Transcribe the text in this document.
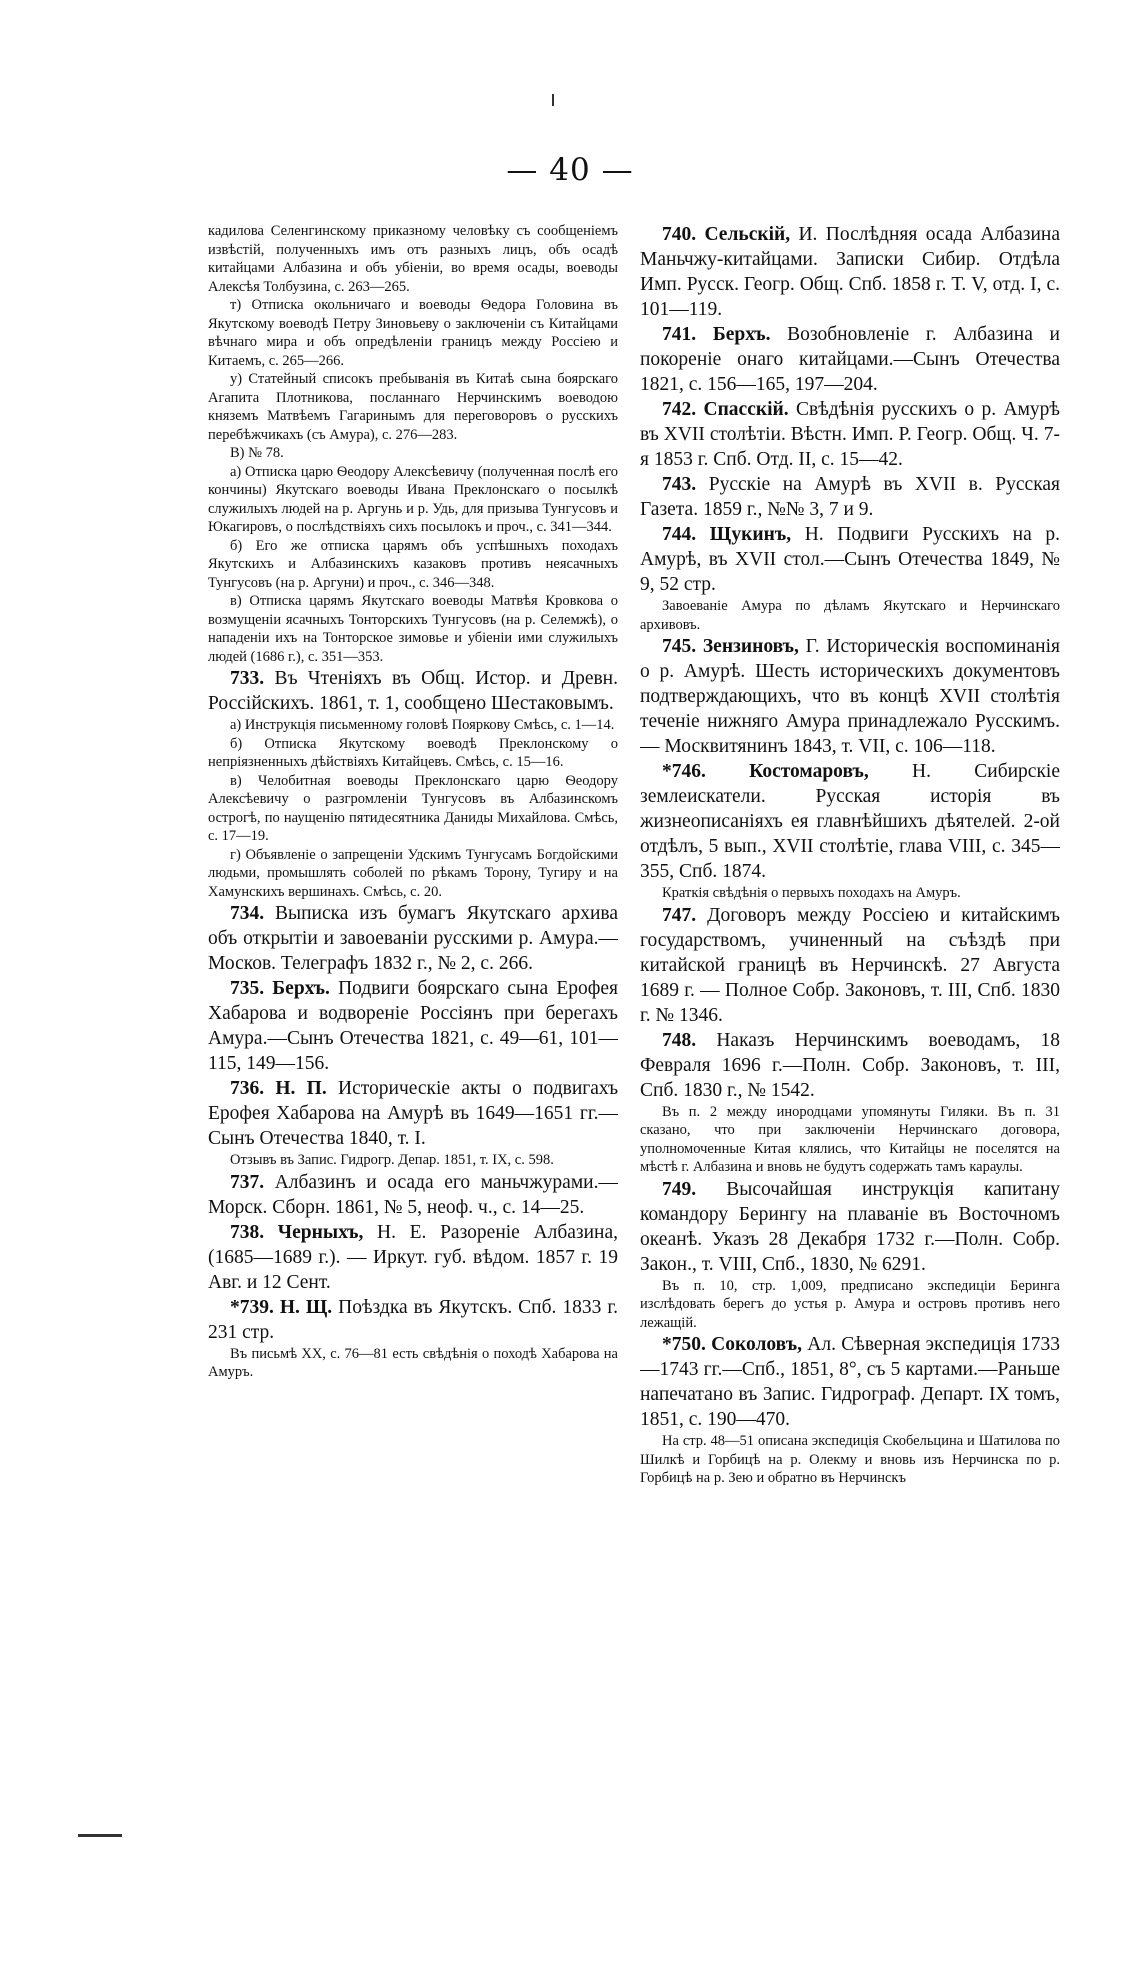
— 40 —

кадилова Селенгинскому приказному человѣку съ сообщеніемъ извѣстій, полученныхъ имъ отъ разныхъ лицъ, объ осадѣ китайцами Албазина и объ убіеніи, во время осады, воеводы Алексѣя Толбузина, с. 263—265.

т) Отписка окольничаго и воеводы Ѳедора Головина въ Якутскому воеводѣ Петру Зиновьеву о заключеніи съ Китайцами вѣчнаго мира и объ опредѣленіи границъ между Россіею и Китаемъ, с. 265—266.

у) Статейный списокъ пребыванія въ Китаѣ сына боярскаго Агапита Плотникова, посланнаго Нерчинскимъ воеводою княземъ Матвѣемъ Гагаринымъ для переговоровъ о русскихъ перебѣжчикахъ (съ Амура), с. 276—283.

В) № 78.

а) Отписка царю Ѳеодору Алексѣевичу (полученная послѣ его кончины) Якутскаго воеводы Ивана Преклонскаго о посылкѣ служилыхъ людей на р. Аргунь и р. Удь, для призыва Тунгусовъ и Юкагировъ, о послѣдствіяхъ сихъ посылокъ и проч., с. 341—344.

б) Его же отписка царямъ объ успѣшныхъ походахъ Якутскихъ и Албазинскихъ казаковъ противъ неясачныхъ Тунгусовъ (на р. Аргуни) и проч., с. 346—348.

в) Отписка царямъ Якутскаго воеводы Матвѣя Кровкова о возмущеніи ясачныхъ Тонторскихъ Тунгусовъ (на р. Селемжѣ), о нападеніи ихъ на Тонторское зимовье и убіеніи ими служилыхъ людей (1686 г.), с. 351—353.

733. Въ Чтеніяхъ въ Общ. Истор. и Древн. Россійскихъ. 1861, т. 1, сообщено Шестаковымъ.

а) Инструкція письменному головѣ Пояркову Смѣсь, с. 1—14.

б) Отписка Якутскому воеводѣ Преклонскому о непріязненныхъ дѣйствіяхъ Китайцевъ. Смѣсь, с. 15—16.

в) Челобитная воеводы Преклонскаго царю Ѳеодору Алексѣевичу о разгромленіи Тунгусовъ въ Албазинскомъ острогѣ, по наущенію пятидесятника Даниды Михайлова. Смѣсь, с. 17—19.

г) Объявленіе о запрещеніи Удскимъ Тунгусамъ Богдойскими людьми, промышлять соболей по рѣкамъ Торону, Тугиру и на Хамунскихъ вершинахъ. Смѣсь, с. 20.

734. Выписка изъ бумагъ Якутскаго архива объ открытіи и завоеваніи русскими р. Амура.— Москов. Телеграфъ 1832 г., № 2, с. 266.

735. Берхъ. Подвиги боярскаго сына Ерофея Хабарова и водвореніе Россіянъ при берегахъ Амура.—Сынъ Отечества 1821, с. 49—61, 101—115, 149—156.

736. Н. П. Историческіе акты о подвигахъ Ерофея Хабарова на Амурѣ въ 1649—1651 гг.—Сынъ Отечества 1840, т. I.

Отзывъ въ Запис. Гидрогр. Депар. 1851, т. IX, с. 598.

737. Албазинъ и осада его маньчжурами.—Морск. Сборн. 1861, № 5, неоф. ч., с. 14—25.

738. Черныхъ, Н. Е. Разореніе Албазина, (1685—1689 г.). — Иркут. губ. вѣдом. 1857 г. 19 Авг. и 12 Сент.

*739. Н. Щ. Поѣздка въ Якутскъ. Спб. 1833 г. 231 стр.

Въ письмѣ XX, с. 76—81 есть свѣдѣнія о походѣ Хабарова на Амуръ.

740. Сельскій, И. Послѣдняя осада Албазина Маньчжу-китайцами. Записки Сибир. Отдѣла Имп. Русск. Геогр. Общ. Спб. 1858 г. Т. V, отд. I, с. 101—119.

741. Берхъ. Возобновленіе г. Албазина и покореніе онаго китайцами.—Сынъ Отечества 1821, с. 156—165, 197—204.

742. Спасскій. Свѣдѣнія русскихъ о р. Амурѣ въ XVII столѣтіи. Вѣстн. Имп. Р. Геогр. Общ. Ч. 7-я 1853 г. Спб. Отд. II, с. 15—42.

743. Русскіе на Амурѣ въ XVII в. Русская Газета. 1859 г., №№ 3, 7 и 9.

744. Щукинъ, Н. Подвиги Русскихъ на р. Амурѣ, въ XVII стол.—Сынъ Отечества 1849, № 9, 52 стр.

Завоеваніе Амура по дѣламъ Якутскаго и Нерчинскаго архивовъ.

745. Зензиновъ, Г. Историческія воспоминанія о р. Амурѣ. Шесть историческихъ документовъ подтверждающихъ, что въ концѣ XVII столѣтія теченіе нижняго Амура принадлежало Русскимъ. — Москвитянинъ 1843, т. VII, с. 106—118.

*746. Костомаровъ, Н. Сибирскіе землеискатели. Русская исторія въ жизнеописаніяхъ ея главнѣйшихъ дѣятелей. 2-ой отдѣлъ, 5 вып., XVII столѣтіе, глава VIII, с. 345—355, Спб. 1874.

Краткія свѣдѣнія о первыхъ походахъ на Амуръ.

747. Договоръ между Россіею и китайскимъ государствомъ, учиненный на съѣздѣ при китайской границѣ въ Нерчинскѣ. 27 Августа 1689 г. — Полное Собр. Законовъ, т. III, Спб. 1830 г. № 1346.

748. Наказъ Нерчинскимъ воеводамъ, 18 Февраля 1696 г.—Полн. Собр. Законовъ, т. III, Спб. 1830 г., № 1542.

Въ п. 2 между инородцами упомянуты Гиляки. Въ п. 31 сказано, что при заключеніи Нерчинскаго договора, уполномоченные Китая клялись, что Китайцы не поселятся на мѣстѣ г. Албазина и вновь не будутъ содержать тамъ караулы.

749. Высочайшая инструкція капитану командору Берингу на плаваніе въ Восточномъ океанѣ. Указъ 28 Декабря 1732 г.—Полн. Собр. Закон., т. VIII, Спб., 1830, № 6291.

Въ п. 10, стр. 1,009, предписано экспедиціи Беринга изслѣдовать берегъ до устья р. Амура и островъ противъ него лежащій.

*750. Соколовъ, Ал. Сѣверная экспедиція 1733—1743 гг.—Спб., 1851, 8°, съ 5 картами.—Раньше напечатано въ Запис. Гидрограф. Департ. IX томъ, 1851, с. 190—470.

На стр. 48—51 описана экспедиція Скобельцина и Шатилова по Шилкѣ и Горбицѣ на р. Олекму и вновь изъ Нерчинска по р. Горбицѣ на р. Зею и обратно въ Нерчинскъ
